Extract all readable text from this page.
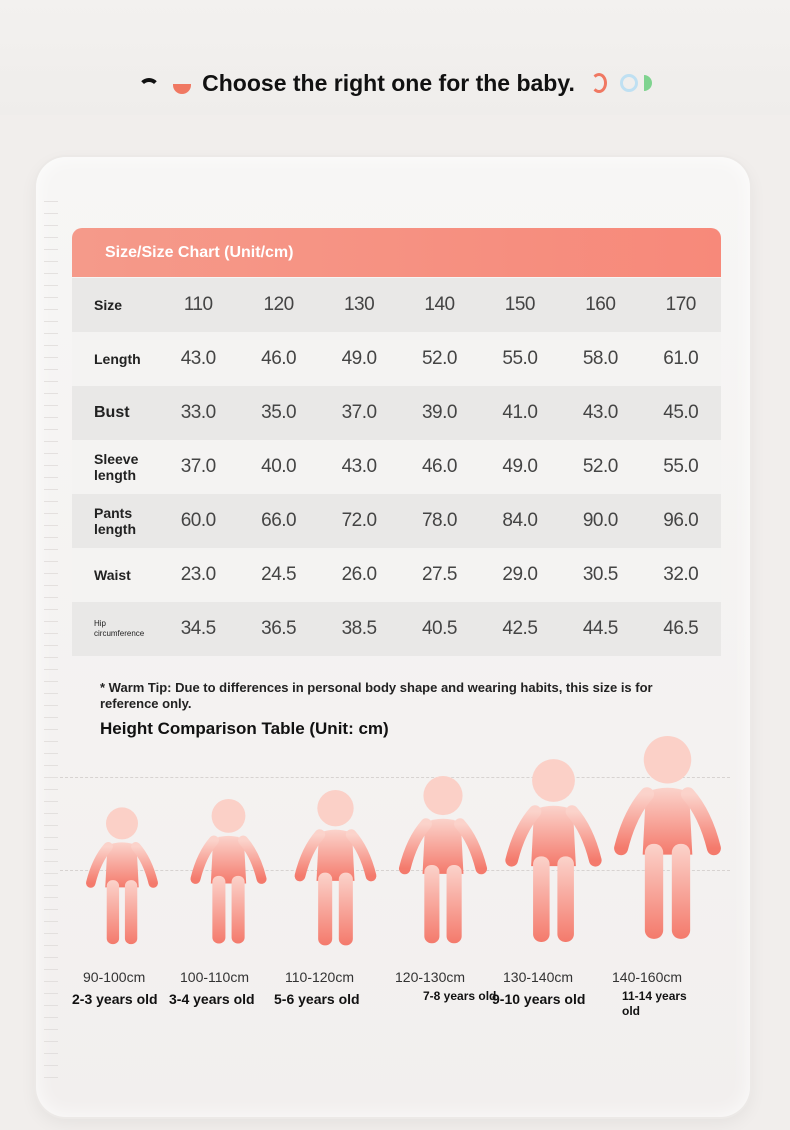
Choose the right one for the baby.
Size/Size Chart (Unit/cm)
Size	110	120	130	140	150	160	170
Length	43.0	46.0	49.0	52.0	55.0	58.0	61.0
Bust	33.0	35.0	37.0	39.0	41.0	43.0	45.0
Sleeve length	37.0	40.0	43.0	46.0	49.0	52.0	55.0
Pants length	60.0	66.0	72.0	78.0	84.0	90.0	96.0
Waist	23.0	24.5	26.0	27.5	29.0	30.5	32.0
Hip circumference	34.5	36.5	38.5	40.5	42.5	44.5	46.5
* Warm Tip: Due to differences in personal body shape and wearing habits, this size is for reference only.
Height Comparison Table (Unit: cm)
90-100cm
2-3 years old
100-110cm
3-4 years old
110-120cm
5-6 years old
120-130cm
7-8 years old
130-140cm
9-10 years old
140-160cm
11-14 years old
